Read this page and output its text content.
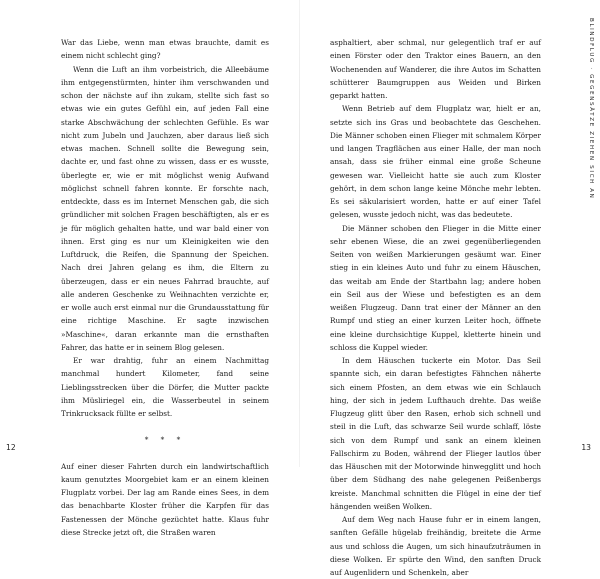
War das Liebe, wenn man etwas brauchte, damit es einem nicht schlecht ging?

Wenn die Luft an ihm vorbeistrich, die Alleebäume ihm entgegenstürmten, hinter ihm verschwanden und schon der nächste auf ihn zukam, stellte sich fast so etwas wie ein gutes Gefühl ein, auf jeden Fall eine starke Abschwächung der schlechten Gefühle. Es war nicht zum Jubeln und Jauchzen, aber daraus ließ sich etwas machen. Schnell sollte die Bewegung sein, dachte er, und fast ohne zu wissen, dass er es wusste, überlegte er, wie er mit möglichst wenig Aufwand möglichst schnell fahren konnte. Er forschte nach, entdeckte, dass es im Internet Menschen gab, die sich gründlicher mit solchen Fragen beschäftigten, als er es je für möglich gehalten hatte, und war bald einer von ihnen. Erst ging es nur um Kleinigkeiten wie den Luftdruck, die Reifen, die Spannung der Speichen. Nach drei Jahren gelang es ihm, die Eltern zu überzeugen, dass er ein neues Fahrrad brauchte, auf alle anderen Geschenke zu Weihnachten verzichte er, er wolle auch erst einmal nur die Grundausstattung für eine richtige Maschine. Er sagte inzwischen »Maschine«, daran erkannte man die ernsthaften Fahrer, das hatte er in seinem Blog gelesen.

Er war drahtig, fuhr an einem Nachmittag manchmal hundert Kilometer, fand seine Lieblingsstrecken über die Dörfer, die Mutter packte ihm Müsliriegel ein, die Wasserbeutel in seinem Trinkrucksack füllte er selbst.

* * *

Auf einer dieser Fahrten durch ein landwirtschaftlich kaum genutztes Moorgebiet kam er an einem kleinen Flugplatz vorbei. Der lag am Rande eines Sees, in dem das benachbarte Kloster früher die Karpfen für das Fastenessen der Mönche gezüchtet hatte. Klaus fuhr diese Strecke jetzt oft, die Straßen waren

12

asphaltiert, aber schmal, nur gelegentlich traf er auf einen Förster oder den Traktor eines Bauern, an den Wochenenden auf Wanderer, die ihre Autos im Schatten schütterer Baumgruppen aus Weiden und Birken geparkt hatten.

Wenn Betrieb auf dem Flugplatz war, hielt er an, setzte sich ins Gras und beobachtete das Geschehen. Die Männer schoben einen Flieger mit schmalem Körper und langen Tragflächen aus einer Halle, der man noch ansah, dass sie früher einmal eine große Scheune gewesen war. Vielleicht hatte sie auch zum Kloster gehört, in dem schon lange keine Mönche mehr lebten. Es sei säkularisiert worden, hatte er auf einer Tafel gelesen, wusste jedoch nicht, was das bedeutete.

Die Männer schoben den Flieger in die Mitte einer sehr ebenen Wiese, die an zwei gegenüberliegenden Seiten von weißen Markierungen gesäumt war. Einer stieg in ein kleines Auto und fuhr zu einem Häuschen, das weitab am Ende der Startbahn lag; andere hoben ein Seil aus der Wiese und befestigten es an dem weißen Flugzeug. Dann trat einer der Männer an den Rumpf und stieg an einer kurzen Leiter hoch, öffnete eine kleine durchsichtige Kuppel, kletterte hinein und schloss die Kuppel wieder.

In dem Häuschen tuckerte ein Motor. Das Seil spannte sich, ein daran befestigtes Fähnchen näherte sich einem Pfosten, an dem etwas wie ein Schlauch hing, der sich in jedem Lufthauch drehte. Das weiße Flugzeug glitt über den Rasen, erhob sich schnell und steil in die Luft, das schwarze Seil wurde schlaff, löste sich von dem Rumpf und sank an einem kleinen Fallschirm zu Boden, während der Flieger lautlos über das Häuschen mit der Motorwinde hinwegglitt und hoch über dem Südhang des nahe gelegenen Peißenbergs kreiste. Manchmal schnitten die Flügel in eine der tief hängenden weißen Wolken.

Auf dem Weg nach Hause fuhr er in einem langen, sanften Gefälle hügelab freihändig, breitete die Arme aus und schloss die Augen, um sich hinaufzuträumen in diese Wolken. Er spürte den Wind, den sanften Druck auf Augenlidern und Schenkeln, aber

BLINDFLUG · GEGENSÄTZE ZIEHEN SICH AN
13
